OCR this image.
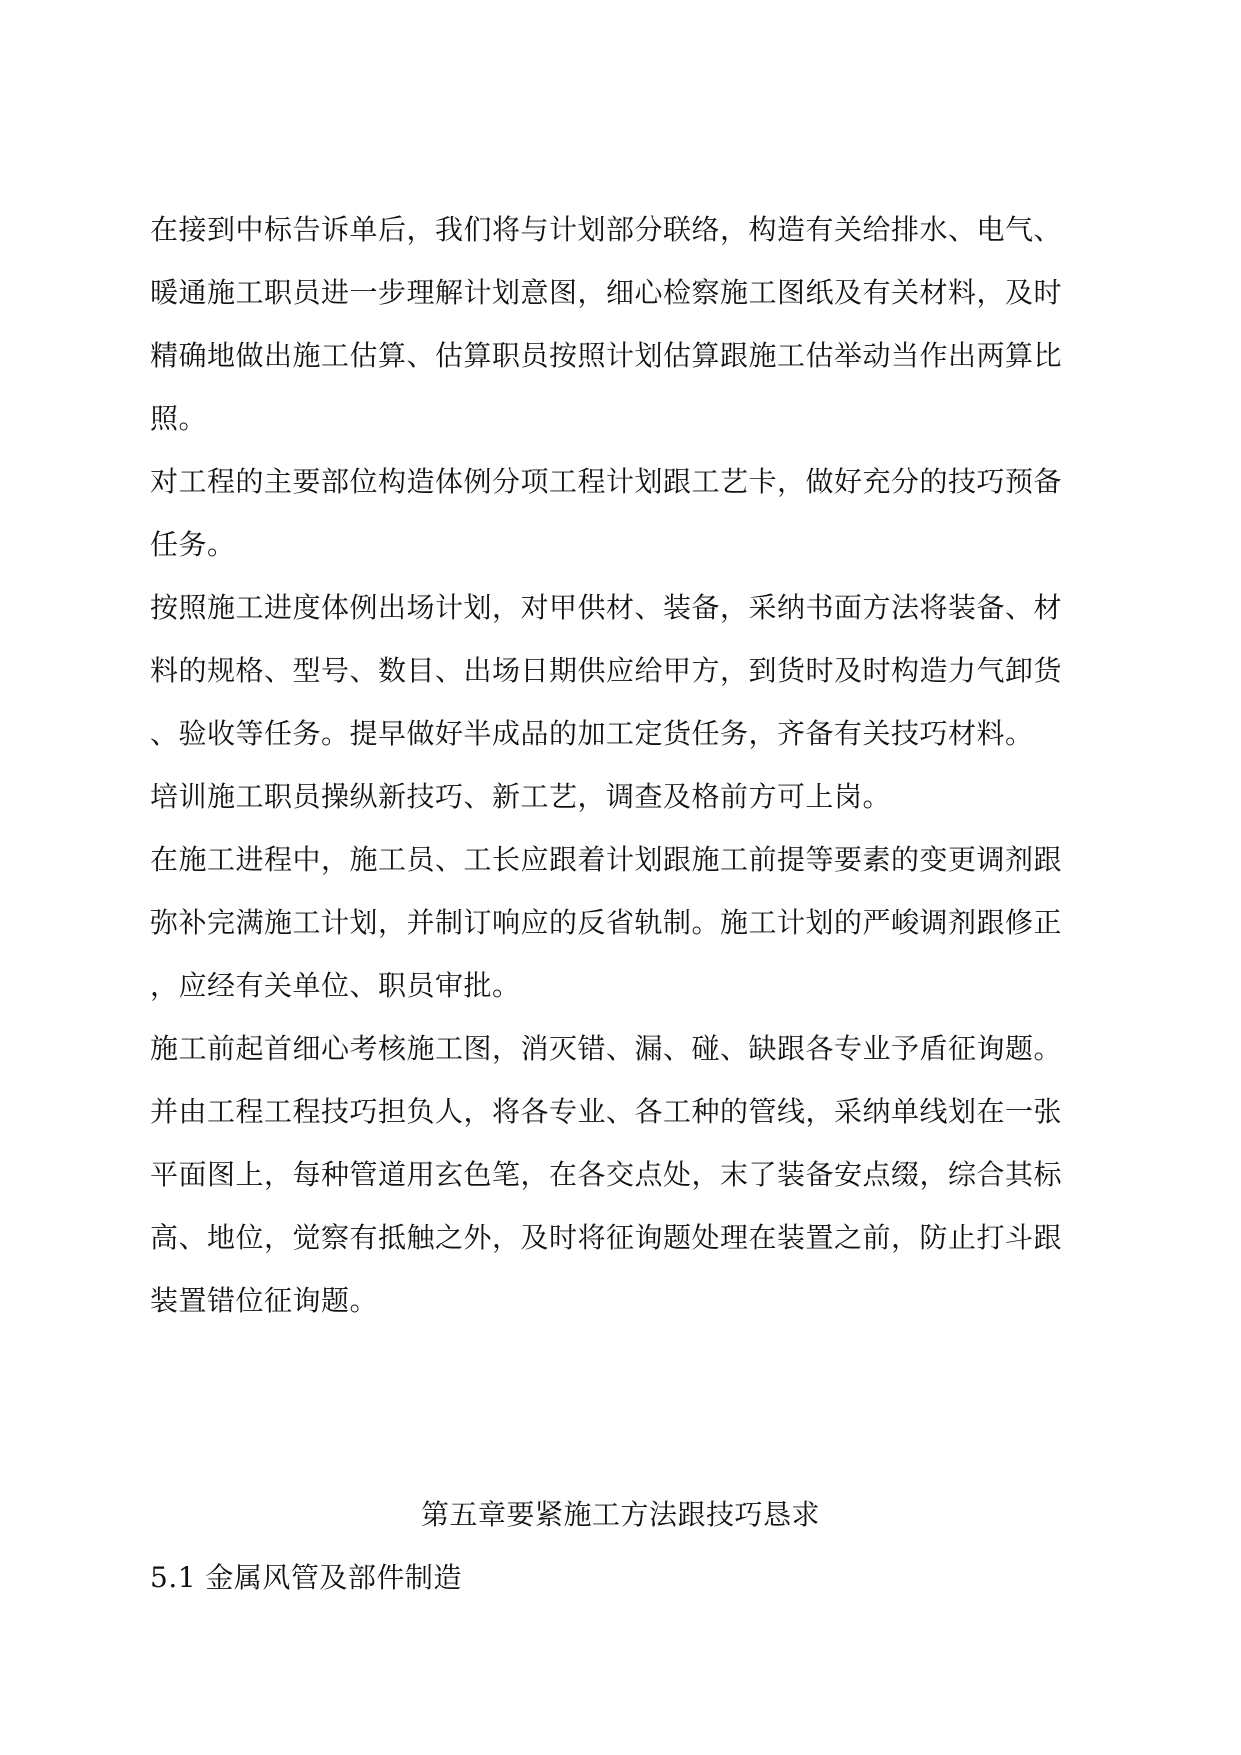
在接到中标告诉单后，我们将与计划部分联络，构造有关给排水、电气、
暖通施工职员进一步理解计划意图，细心检察施工图纸及有关材料，及时
精确地做出施工估算、估算职员按照计划估算跟施工估举动当作出两算比
照。
对工程的主要部位构造体例分项工程计划跟工艺卡，做好充分的技巧预备
任务。
按照施工进度体例出场计划，对甲供材、装备，采纳书面方法将装备、材
料的规格、型号、数目、出场日期供应给甲方，到货时及时构造力气卸货
、验收等任务。提早做好半成品的加工定货任务，齐备有关技巧材料。
培训施工职员操纵新技巧、新工艺，调查及格前方可上岗。
在施工进程中，施工员、工长应跟着计划跟施工前提等要素的变更调剂跟
弥补完满施工计划，并制订响应的反省轨制。施工计划的严峻调剂跟修正
，应经有关单位、职员审批。
施工前起首细心考核施工图，消灭错、漏、碰、缺跟各专业予盾征询题。
并由工程工程技巧担负人，将各专业、各工种的管线，采纳单线划在一张
平面图上，每种管道用玄色笔，在各交点处，末了装备安点缀，综合其标
高、地位，觉察有抵触之外，及时将征询题处理在装置之前，防止打斗跟
装置错位征询题。
第五章要紧施工方法跟技巧恳求
5.1 金属风管及部件制造
